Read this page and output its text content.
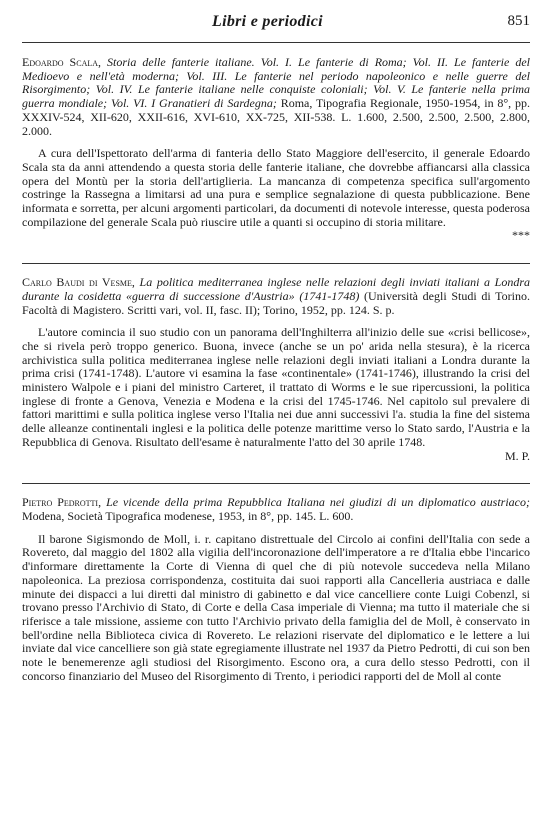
Libri e periodici	851

Edoardo Scala, Storia delle fanterie italiane. Vol. I. Le fanterie di Roma; Vol. II. Le fanterie del Medioevo e nell'età moderna; Vol. III. Le fanterie nel periodo napoleonico e nelle guerre del Risorgimento; Vol. IV. Le fanterie italiane nelle conquiste coloniali; Vol. V. Le fanterie nella prima guerra mondiale; Vol. VI. I Granatieri di Sardegna; Roma, Tipografia Regionale, 1950-1954, in 8°, pp. XXXIV-524, XII-620, XXII-616, XVI-610, XX-725, XII-538. L. 1.600, 2.500, 2.500, 2.500, 2.800, 2.000.

A cura dell'Ispettorato dell'arma di fanteria dello Stato Maggiore dell'esercito, il generale Edoardo Scala sta da anni attendendo a questa storia delle fanterie italiane, che dovrebbe affiancarsi alla classica opera del Montù per la storia dell'artiglieria. La mancanza di competenza specifica sull'argomento costringe la Rassegna a limitarsi ad una pura e semplice segnalazione di questa pubblicazione. Bene informata e sorretta, per alcuni argomenti particolari, da documenti di notevole interesse, questa poderosa compilazione del generale Scala può riuscire utile a quanti si occupino di storia militare.

***

Carlo Baudi di Vesme, La politica mediterranea inglese nelle relazioni degli inviati italiani a Londra durante la cosidetta «guerra di successione d'Austria» (1741-1748) (Università degli Studi di Torino. Facoltà di Magistero. Scritti vari, vol. II, fasc. II); Torino, 1952, pp. 124. S. p.

L'autore comincia il suo studio con un panorama dell'Inghilterra all'inizio delle sue «crisi bellicose», che si rivela però troppo generico. Buona, invece (anche se un po' arida nella stesura), è la ricerca archivistica sulla politica mediterranea inglese nelle relazioni degli inviati italiani a Londra durante la prima crisi (1741-1748). L'autore vi esamina la fase «continentale» (1741-1746), illustrando la crisi del ministero Walpole e i piani del ministro Carteret, il trattato di Worms e le sue ripercussioni, la politica inglese di fronte a Genova, Venezia e Modena e la crisi del 1745-1746. Nel capitolo sul prevalere di fattori marittimi e sulla politica inglese verso l'Italia nei due anni successivi l'a. studia la fine del sistema delle alleanze continentali inglesi e la politica delle potenze marittime verso lo Stato sardo, l'Austria e la Repubblica di Genova. Risultato dell'esame è naturalmente l'atto del 30 aprile 1748.

M. P.

Pietro Pedrotti, Le vicende della prima Repubblica Italiana nei giudizi di un diplomatico austriaco; Modena, Società Tipografica modenese, 1953, in 8°, pp. 145. L. 600.

Il barone Sigismondo de Moll, i. r. capitano distrettuale del Circolo ai confini dell'Italia con sede a Rovereto, dal maggio del 1802 alla vigilia dell'incoronazione dell'imperatore a re d'Italia ebbe l'incarico d'informare direttamente la Corte di Vienna di quel che di più notevole succedeva nella Milano napoleonica. La preziosa corrispondenza, costituita dai suoi rapporti alla Cancelleria austriaca e dalle minute dei dispacci a lui diretti dal ministro di gabinetto e dal vice cancelliere conte Luigi Cobenzl, si trovano presso l'Archivio di Stato, di Corte e della Casa imperiale di Vienna; ma tutto il materiale che si riferisce a tale missione, assieme con tutto l'Archivio privato della famiglia del de Moll, è conservato in bell'ordine nella Biblioteca civica di Rovereto. Le relazioni riservate del diplomatico e le lettere a lui inviate dal vice cancelliere son già state egregiamente illustrate nel 1937 da Pietro Pedrotti, di cui son ben note le benemerenze agli studiosi del Risorgimento. Escono ora, a cura dello stesso Pedrotti, con il concorso finanziario del Museo del Risorgimento di Trento, i periodici rapporti del de Moll al conte
